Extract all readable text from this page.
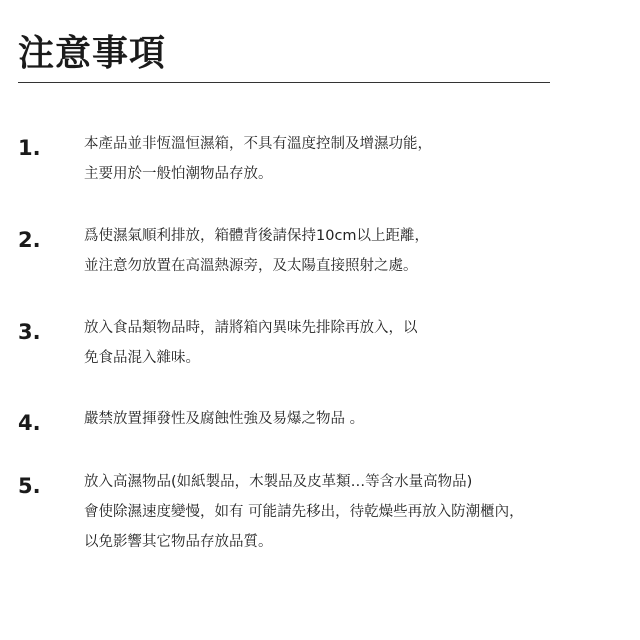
注意事項
1.	本產品並非恆溫恒濕箱，不具有溫度控制及增濕功能，
主要用於一般怕潮物品存放。
2.	爲使濕氣順利排放，箱體背後請保持10cm以上距離，
並注意勿放置在高溫熱源旁，及太陽直接照射之處。
3.	放入食品類物品時，請將箱內異味先排除再放入，以
免食品混入雜味。
4.	嚴禁放置揮發性及腐蝕性強及易爆之物品 。
5.	放入高濕物品(如紙製品，木製品及皮革類…等含水量高物品)
會使除濕速度變慢，如有 可能請先移出，待乾燥些再放入防潮櫃內，
以免影響其它物品存放品質。
